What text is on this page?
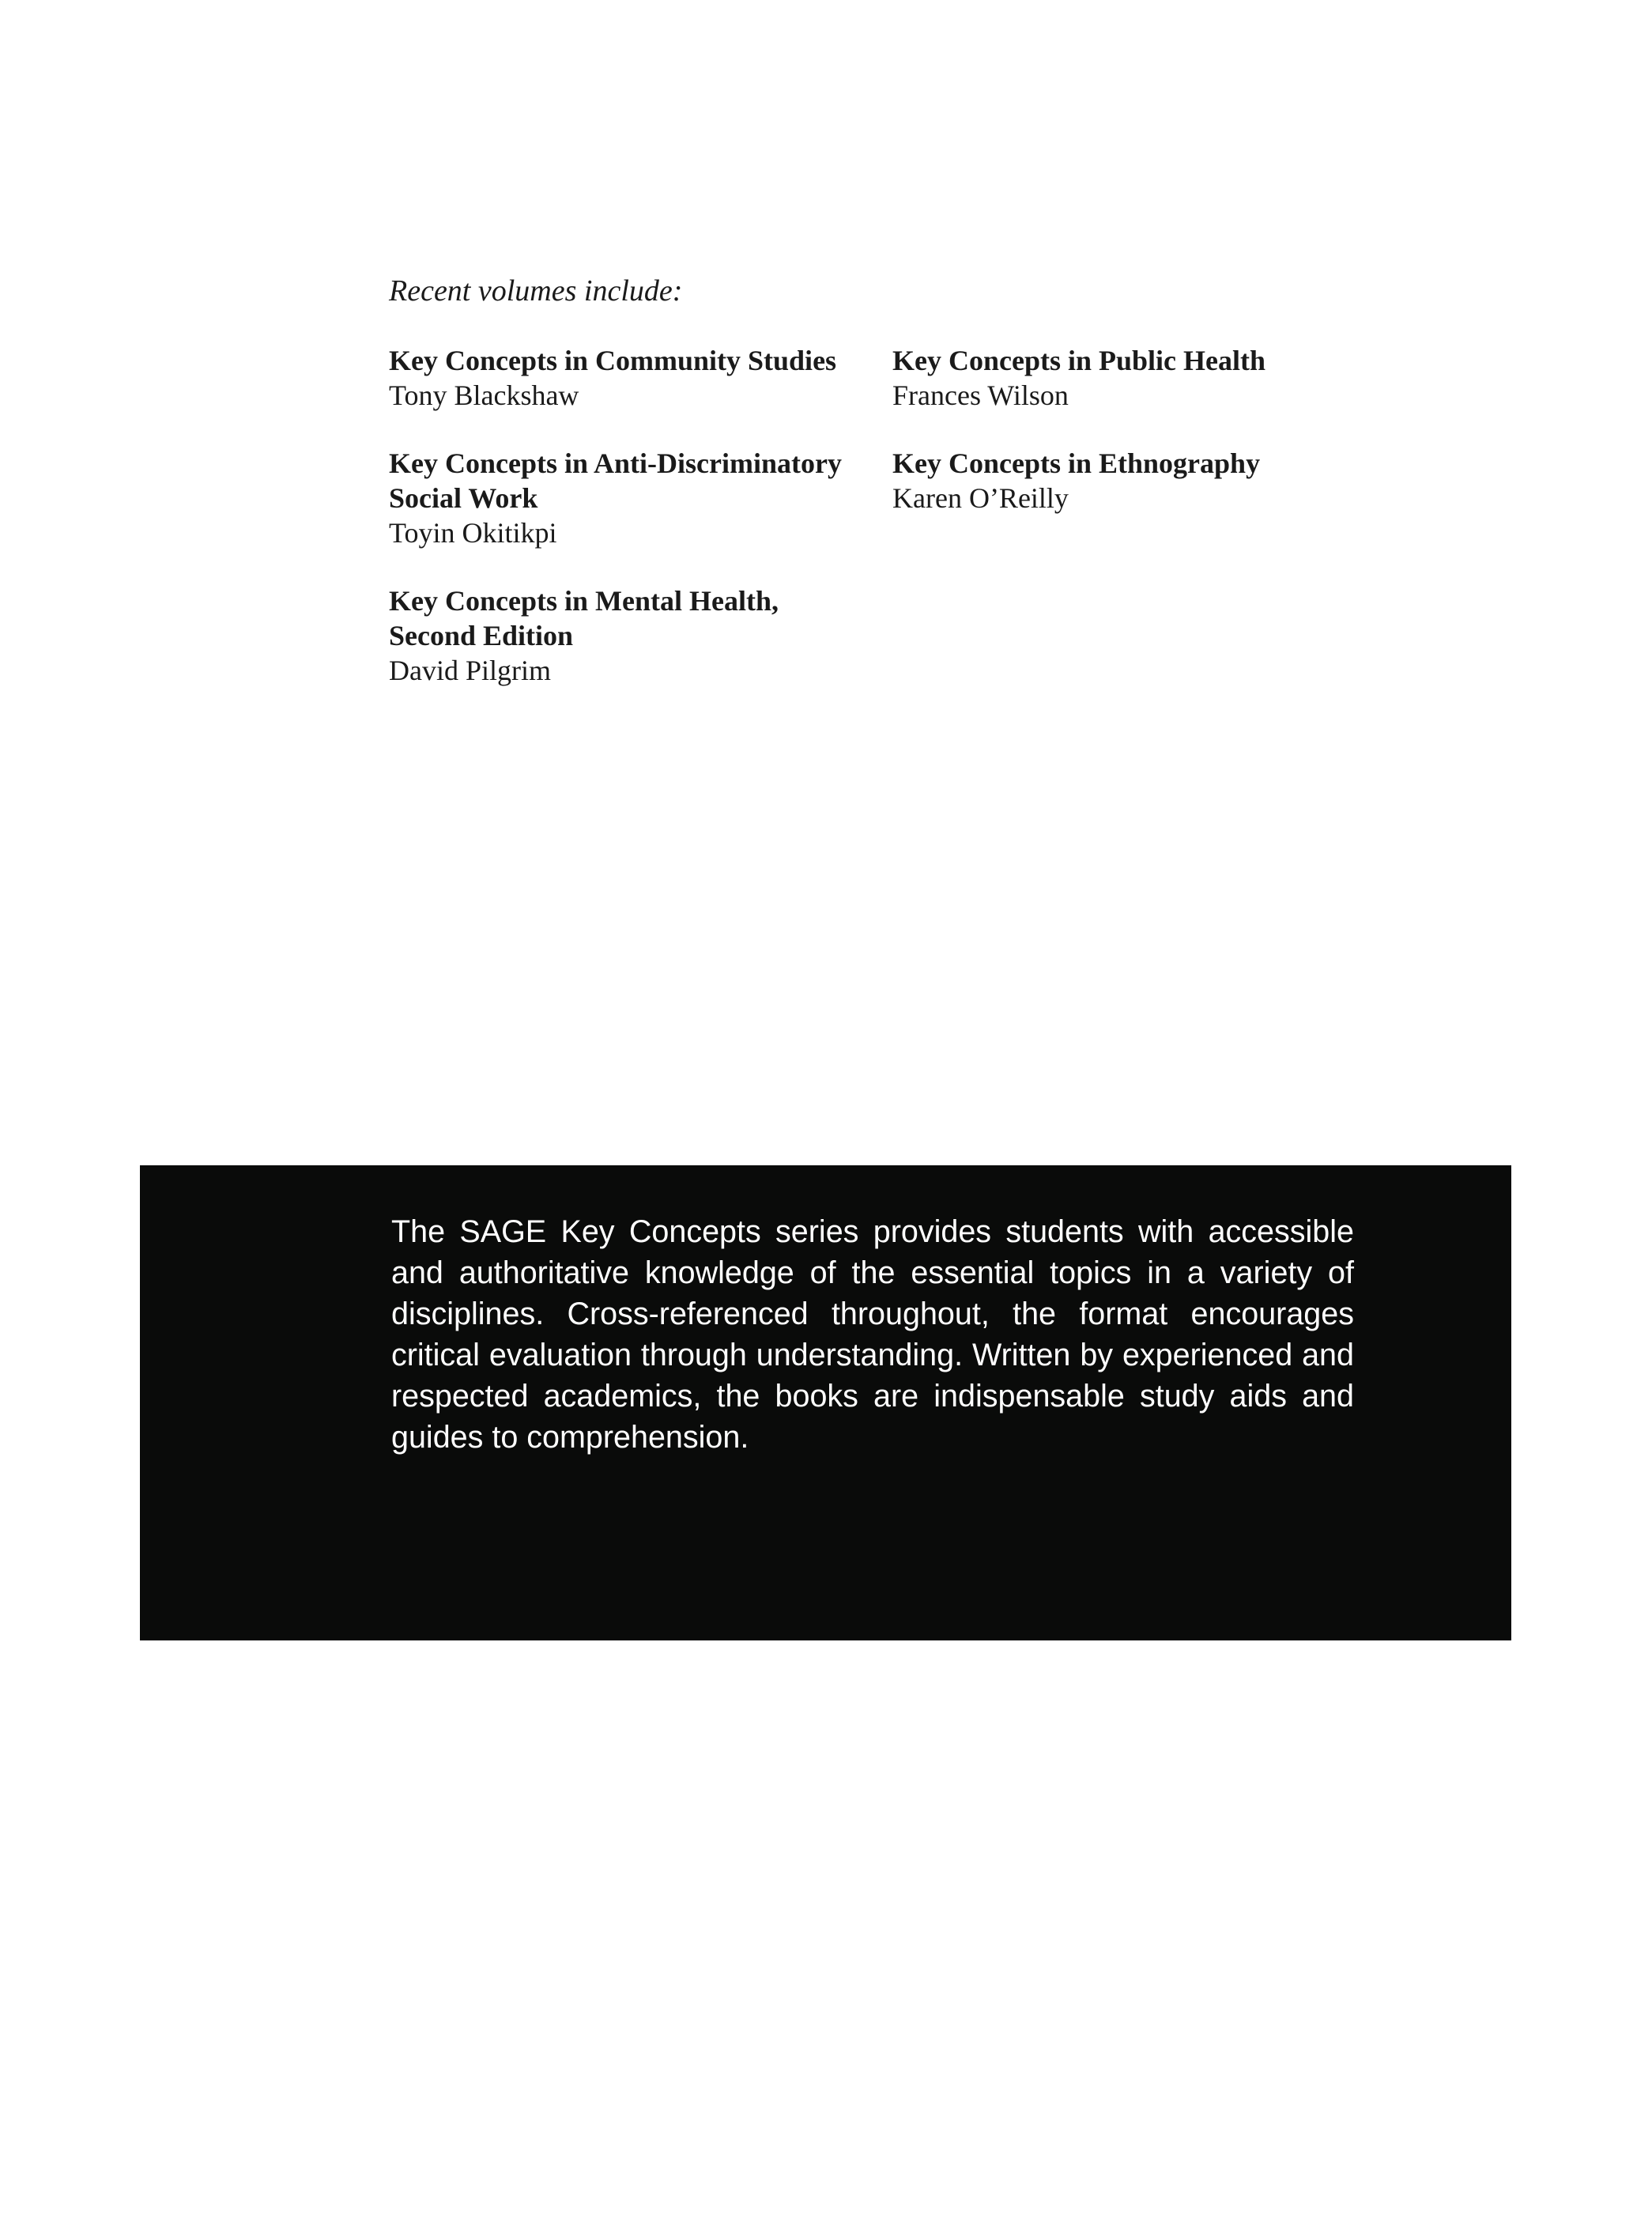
Recent volumes include:

Key Concepts in Community Studies
Tony Blackshaw
Key Concepts in Anti-Discriminatory
Social Work
Toyin Okitikpi
Key Concepts in Mental Health,
Second Edition
David Pilgrim
Key Concepts in Public Health
Frances Wilson
Key Concepts in Ethnography
Karen O’Reilly

The SAGE Key Concepts series provides students with accessible and authoritative knowledge of the essential topics in a variety of disciplines. Cross-referenced throughout, the format encourages critical evaluation through understanding. Written by experienced and respected academics, the books are indispensable study aids and guides to comprehension.
